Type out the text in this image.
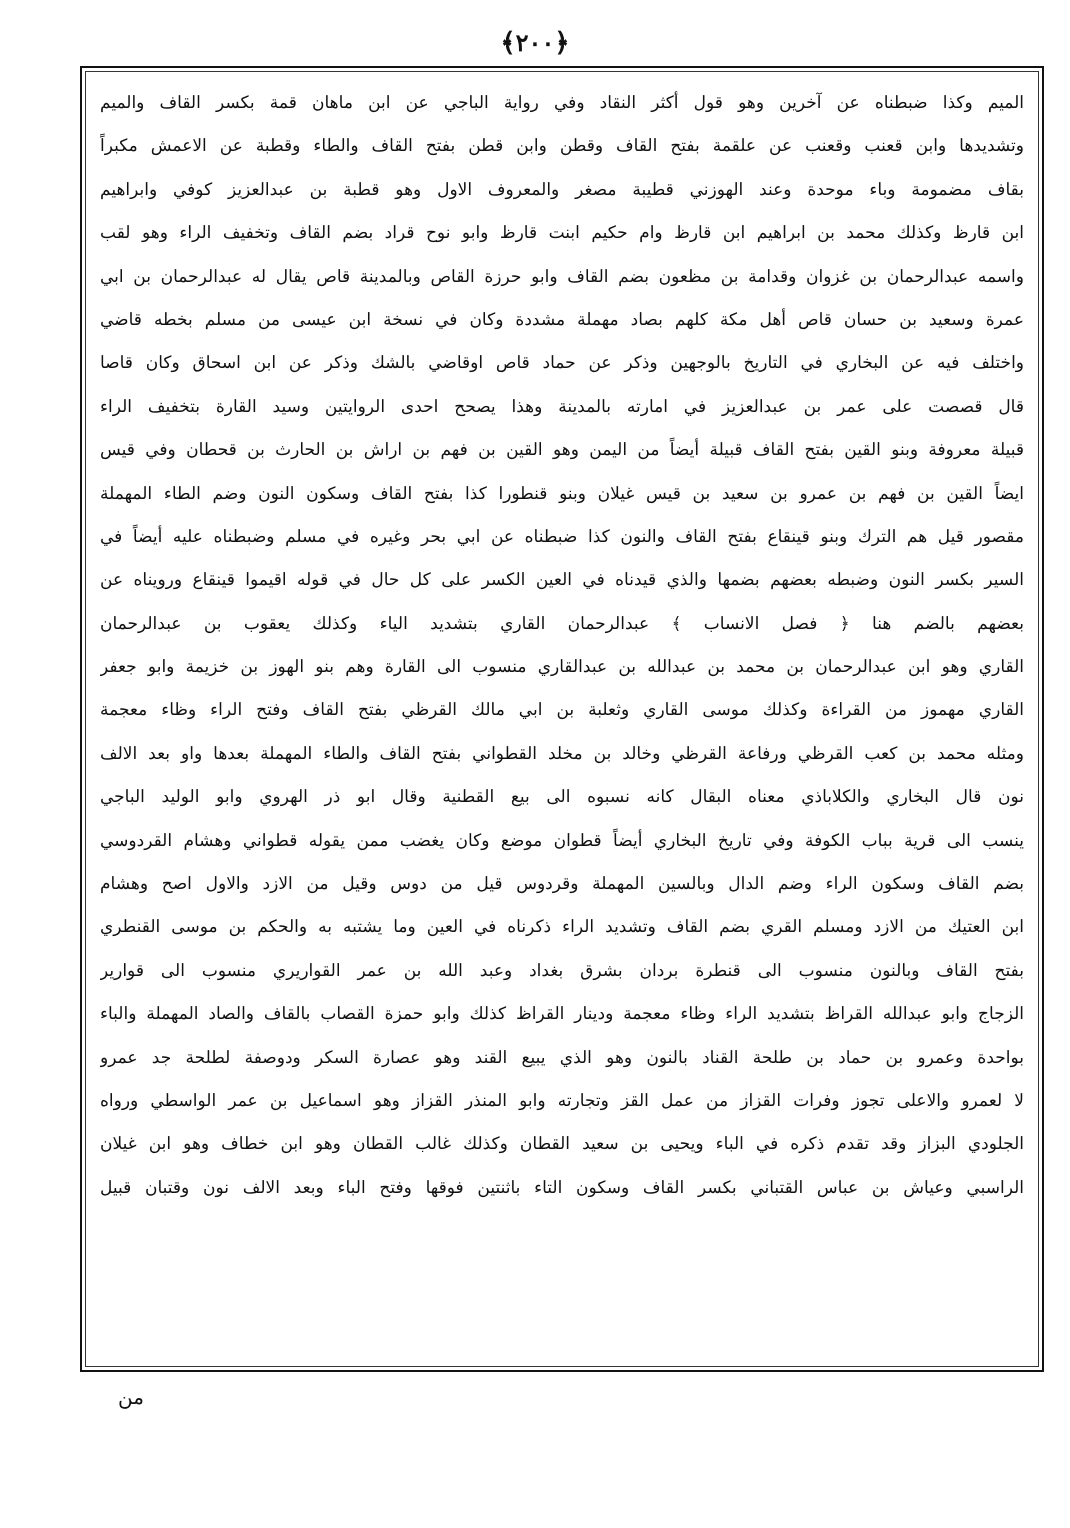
﴿٢٠٠﴾
الميم وكذا ضبطناه عن آخرين وهو قول أكثر النقاد وفي رواية الباجي عن ابن ماهان قمة بكسر القاف والميم
وتشديدها وابن قعنب وقعنب عن علقمة بفتح القاف وقطن وابن قطن بفتح القاف والطاء وقطبة عن الاعمش مكبراً
بقاف مضمومة وباء موحدة وعند الهوزني قطيبة مصغر والمعروف الاول وهو قطبة بن عبدالعزيز كوفي وابراهيم
ابن قارظ وكذلك محمد بن ابراهيم ابن قارظ وام حكيم ابنت قارظ وابو نوح قراد بضم القاف وتخفيف الراء وهو لقب
واسمه عبدالرحمان بن غزوان وقدامة بن مظعون بضم القاف وابو حرزة القاص وبالمدينة قاص يقال له عبدالرحمان بن ابي
عمرة وسعيد بن حسان قاص أهل مكة كلهم بصاد مهملة مشددة وكان في نسخة ابن عيسى من مسلم بخطه قاضي
واختلف فيه عن البخاري في التاريخ بالوجهين وذكر عن حماد قاص اوقاضي بالشك وذكر عن ابن اسحاق وكان قاصا
قال قصصت على عمر بن عبدالعزيز في امارته بالمدينة وهذا يصحح احدى الروايتين وسيد القارة بتخفيف الراء
قبيلة معروفة وبنو القين بفتح القاف قبيلة أيضاً من اليمن وهو القين بن فهم بن اراش بن الحارث بن قحطان وفي قيس
ايضاً القين بن فهم بن عمرو بن سعيد بن قيس غيلان وبنو قنطورا كذا بفتح القاف وسكون النون وضم الطاء المهملة
مقصور قيل هم الترك وبنو قينقاع بفتح القاف والنون كذا ضبطناه عن ابي بحر وغيره في مسلم وضبطناه عليه أيضاً في
السير بكسر النون وضبطه بعضهم بضمها والذي قيدناه في العين الكسر على كل حال في قوله اقيموا قينقاع ورويناه عن
بعضهم بالضم هنا ﴿ فصل الانساب ﴾ عبدالرحمان القاري بتشديد الياء وكذلك يعقوب بن عبدالرحمان
القاري وهو ابن عبدالرحمان بن محمد بن عبدالله بن عبدالقاري منسوب الى القارة وهم بنو الهوز بن خزيمة وابو جعفر
القاري مهموز من القراءة وكذلك موسى القاري وثعلبة بن ابي مالك القرظي بفتح القاف وفتح الراء وظاء معجمة
ومثله محمد بن كعب القرظي ورفاعة القرظي وخالد بن مخلد القطواني بفتح القاف والطاء المهملة بعدها واو بعد الالف
نون قال البخاري والكلاباذي معناه البقال كانه نسبوه الى بيع القطنية وقال ابو ذر الهروي وابو الوليد الباجي
ينسب الى قرية بباب الكوفة وفي تاريخ البخاري أيضاً قطوان موضع وكان يغضب ممن يقوله قطواني وهشام القردوسي
بضم القاف وسكون الراء وضم الدال وبالسين المهملة وقردوس قيل من دوس وقيل من الازد والاول اصح وهشام
ابن العتيك من الازد ومسلم القري بضم القاف وتشديد الراء ذكرناه في العين وما يشتبه به والحكم بن موسى القنطري
بفتح القاف وبالنون منسوب الى قنطرة بردان بشرق بغداد وعبد الله بن عمر القواريري منسوب الى قوارير
الزجاج وابو عبدالله القراظ بتشديد الراء وظاء معجمة ودينار القراظ كذلك وابو حمزة القصاب بالقاف والصاد المهملة والباء
بواحدة وعمرو بن حماد بن طلحة القناد بالنون وهو الذي يبيع القند وهو عصارة السكر ودوصفة لطلحة جد عمرو
لا لعمرو والاعلى تجوز وفرات القزاز من عمل القز وتجارته وابو المنذر القزاز وهو اسماعيل بن عمر الواسطي ورواه
الجلودي البزاز وقد تقدم ذكره في الباء ويحيى بن سعيد القطان وكذلك غالب القطان وهو ابن خطاف وهو ابن غيلان
الراسبي وعياش بن عباس القتباني بكسر القاف وسكون التاء باثنتين فوقها وفتح الباء وبعد الالف نون وقتبان قبيل
من
